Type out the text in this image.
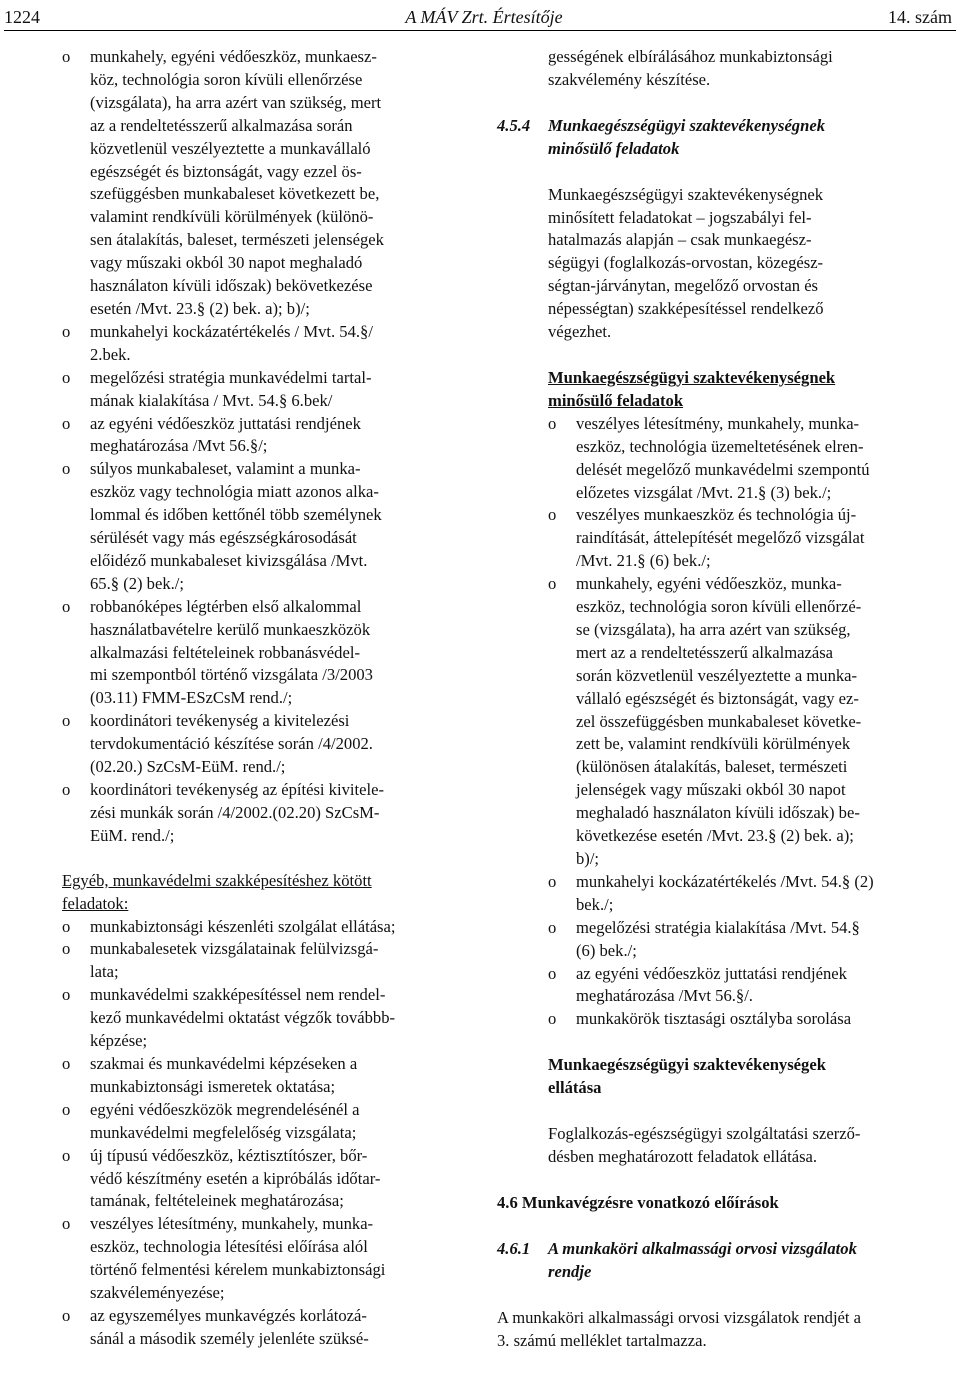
1224	A MÁV Zrt. Értesítője	14. szám

o munkahely, egyéni védőeszköz, munkaesz-
köz, technológia soron kívüli ellenőrzése
(vizsgálata), ha arra azért van szükség, mert
az a rendeltetésszerű alkalmazása során
közvetlenül veszélyeztette a munkavállaló
egészségét és biztonságát, vagy ezzel ös-
szefüggésben munkabaleset következett be,
valamint rendkívüli körülmények (különö-
sen átalakítás, baleset, természeti jelenségek
vagy műszaki okból 30 napot meghaladó
használaton kívüli időszak) bekövetkezése
esetén /Mvt. 23.§ (2) bek. a); b)/;

o munkahelyi kockázatértékelés / Mvt. 54.§/
2.bek.

o megelőzési stratégia munkavédelmi tartal-
mának kialakítása / Mvt. 54.§ 6.bek/

o az egyéni védőeszköz juttatási rendjének
meghatározása /Mvt 56.§/;

o súlyos munkabaleset, valamint a munka-
eszköz vagy technológia miatt azonos alka-
lommal és időben kettőnél több személynek
sérülését vagy más egészségkárosodását
előidéző munkabaleset kivizsgálása /Mvt.
65.§ (2) bek./;

o robbanóképes légtérben első alkalommal
használatbavételre kerülő munkaeszközök
alkalmazási feltételeinek robbanásvédel-
mi szempontból történő vizsgálata /3/2003
(03.11) FMM-ESzCsM rend./;

o koordinátori tevékenység a kivitelezési
tervdokumentáció készítése során /4/2002.
(02.20.) SzCsM-EüM. rend./;

o koordinátori tevékenység az építési kivitele-
zési munkák során /4/2002.(02.20) SzCsM-
EüM. rend./;

Egyéb, munkavédelmi szakképesítéshez kötött
feladatok:

o munkabiztonsági készenléti szolgálat ellátása;

o munkabalesetek vizsgálatainak felülvizsgá-
lata;

o munkavédelmi szakképesítéssel nem rendel-
kező munkavédelmi oktatást végzők továbbb-
képzése;

o szakmai és munkavédelmi képzéseken a
munkabiztonsági ismeretek oktatása;

o egyéni védőeszközök megrendelésénél a
munkavédelmi megfelelőség vizsgálata;

o új típusú védőeszköz, kéztisztítószer, bőr-
védő készítmény esetén a kipróbálás időtar-
tamának, feltételeinek meghatározása;

o veszélyes létesítmény, munkahely, munka-
eszköz, technologia létesítési előírása alól
történő felmentési kérelem munkabiztonsági
szakvéleményezése;

o az egyszemélyes munkavégzés korlátozá-
sánál a második személy jelenléte szüksé-

gességének elbírálásához munkabiztonsági
szakvélemény készítése.

4.5.4 Munkaegészségügyi szaktevékenységnek
minősülő feladatok

Munkaegészségügyi szaktevékenységnek
minősített feladatokat – jogszabályi fel-
hatalmazás alapján – csak munkaegész-
ségügyi (foglalkozás-orvostan, közegész-
ségtan-járványtan, megelőző orvostan és
népességtan) szakképesítéssel rendelkező
végezhet.

Munkaegészségügyi szaktevékenységnek
minősülő feladatok

o veszélyes létesítmény, munkahely, munka-
eszköz, technológia üzemeltetésének elren-
delését megelőző munkavédelmi szempontú
előzetes vizsgálat /Mvt. 21.§ (3) bek./;

o veszélyes munkaeszköz és technológia új-
raindítását, áttelepítését megelőző vizsgálat
/Mvt. 21.§ (6) bek./;

o munkahely, egyéni védőeszköz, munka-
eszköz, technológia soron kívüli ellenőrzé-
se (vizsgálata), ha arra azért van szükség,
mert az a rendeltetésszerű alkalmazása
során közvetlenül veszélyeztette a munka-
vállaló egészségét és biztonságát, vagy ez-
zel összefüggésben munkabaleset követke-
zett be, valamint rendkívüli körülmények
(különösen átalakítás, baleset, természeti
jelenségek vagy műszaki okból 30 napot
meghaladó használaton kívüli időszak) be-
következése esetén /Mvt. 23.§ (2) bek. a);
b)/;

o munkahelyi kockázatértékelés /Mvt. 54.§ (2)
bek./;

o megelőzési stratégia kialakítása /Mvt. 54.§
(6) bek./;

o az egyéni védőeszköz juttatási rendjének
meghatározása /Mvt 56.§/.

o munkakörök tisztasági osztályba sorolása

Munkaegészségügyi szaktevékenységek
ellátása

Foglalkozás-egészségügyi szolgáltatási szerző-
désben meghatározott feladatok ellátása.

4.6 Munkavégzésre vonatkozó előírások

4.6.1 A munkaköri alkalmassági orvosi vizsgálatok
rendje

A munkaköri alkalmassági orvosi vizsgálatok rendjét a
3. számú melléklet tartalmazza.
